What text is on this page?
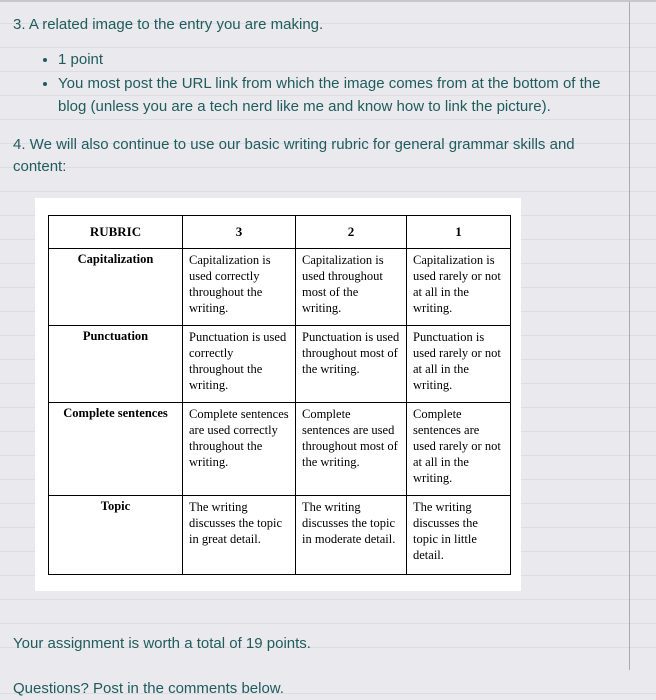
3. A related image to the entry you are making.

• 1 point
• You most post the URL link from which the image comes from at the bottom of the blog (unless you are a tech nerd like me and know how to link the picture).

4. We will also continue to use our basic writing rubric for general grammar skills and content:

RUBRIC	3	2	1
Capitalization	Capitalization is used correctly throughout the writing.	Capitalization is used throughout most of the writing.	Capitalization is used rarely or not at all in the writing.
Punctuation	Punctuation is used correctly throughout the writing.	Punctuation is used throughout most of the writing.	Punctuation is used rarely or not at all in the writing.
Complete sentences	Complete sentences are used correctly throughout the writing.	Complete sentences are used throughout most of the writing.	Complete sentences are used rarely or not at all in the writing.
Topic	The writing discusses the topic in great detail.	The writing discusses the topic in moderate detail.	The writing discusses the topic in little detail.

Your assignment is worth a total of 19 points.

Questions? Post in the comments below.
